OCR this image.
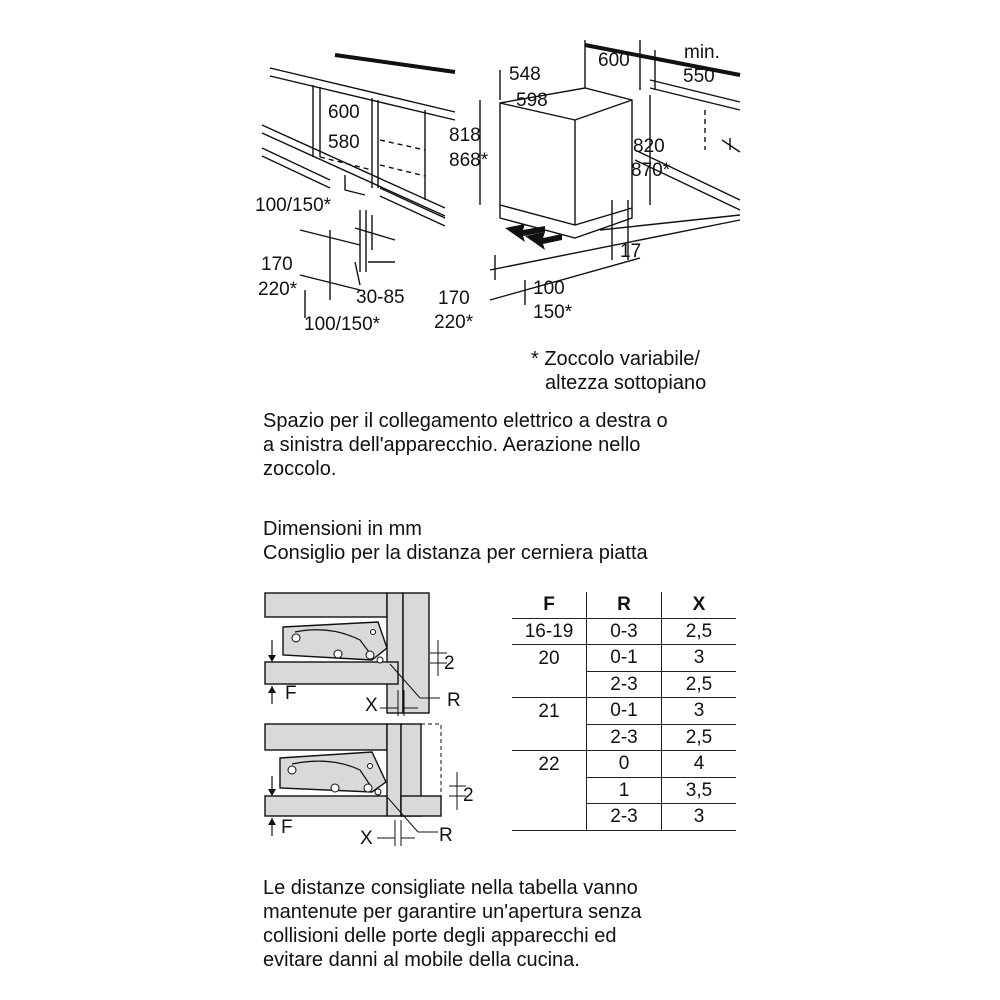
600
580
100/150*
170
220*	30-85
100/150*
548
598
818
868*
600	min.
550
820
870*
17
170
220*
100
150*

* Zoccolo variabile/
altezza sottopiano

Spazio per il collegamento elettrico a destra o
a sinistra dell'apparecchio. Aerazione nello
zoccolo.

Dimensioni in mm
Consiglio per la distanza per cerniera piatta

2
F
X	R
2
F
X	R
F	R	X
16-19	0-3	2,5
20	0-1	3
	2-3	2,5
21	0-1	3
	2-3	2,5
22	0	4
	1	3,5
	2-3	3

Le distanze consigliate nella tabella vanno
mantenute per garantire un'apertura senza
collisioni delle porte degli apparecchi ed
evitare danni al mobile della cucina.
